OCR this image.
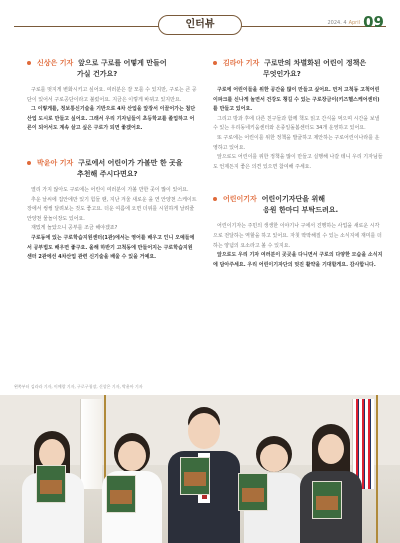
인터뷰	2024. 4 April 09
신상은 기자 앞으로 구로를 어떻게 만들어
가실 건가요?

구로를 멋지게 변화시키고 싶어요. 여러분은 잘 모를 수 있지만, 구로는 큰 공단이 있어서 구로공단이라고 불렀어요. 지금은 이렇게 바뀌고 있지만요.

그 이렇게를, 정보통신기술을 기반으로 4차 산업을 앞장서 이끌어가는 첨단 산업 도시로 만들고 싶어요. 그래서 우리 기자님들이 초등학교를 졸업하고 어른이 되어서도 계속 살고 싶은 구로가 되면 좋겠어요.

박윤아 기자 구로에서 어린이가 가볼만 한 곳을
추천해 주시다면요?

열리 가지 않아도 구로에는 어린이 여러분이 가볼 만한 곳이 많이 있어요.

추운 날씨에 집안에만 있기 힘들 땐, 지난 겨울 새로운 을 연 안양천 스케이트장에서 썽썽 달려보는 것도 좋고요. 더운 여름에 오면 더위를 시원하게 날려줄 안양천 물놀이장도 있어요.

재밌게 놀았으니 공부를 조금 해야겠죠?

구로동에 있는 구로학습지원센터(1관)에서는 영어를 배우고 인니 오예들에서 공부법도 배우면 좋구요. 올해 하반기 고척동에 만들어지는 구로학습지원센터 2관에선 4차산업 관련 신기술을 배울 수 있을 거예요.

김라아 기자 구로만의 차별화된 어린이 정책은
무엇인가요?

구로에 어린이들을 위한 공간을 많이 만들고 싶어요. 먼저 고척동 고척어린이파크를 신나게 놀면서 건강도 챙길 수 있는 구로장금이(키즈헬스케어센터)를 만들고 있어요.

그리고 방과 후에 다른 친구들과 함께 책도 읽고 간식을 먹으며 시간을 보낼 수 있는 우리동네키움센터와 온종일돌봄센터도 34개 운영하고 있어요.

또 구로에는 어린이를 위한 정책을 발굴하고 제안하는 구로어린이나라를 운영하고 있어요.

앞으로도 어린이를 위한 정책을 많이 만들고 실행해 나갈 테니 우리 기자님들도 언제든지 좋은 의견 있으면 참여해 주세요.

어린이기자 어린이기자단을 위해
응원 한마디 부탁드려요.

어린이기자는 주민의 생생한 이야기나 구에서 진행하는 사업을 새로운 시각으로 전달하는 역할을 하고 있어요. 자칫 딱딱해질 수 있는 소식지에 재미를 더하는 양념의 요소라고 볼 수 있지요.

앞으로도 우리 기자 여러분이 곳곳을 다니면서 구로의 다양한 모습을 소식지에 담아주세요. 우리 어린이기자단의 멋진 활약을 기대할게요. 감사합니다.

왼쪽부터 김라라 기자, 이예랑 기자, 구로구청장, 신상은 기자, 박윤아 기자
